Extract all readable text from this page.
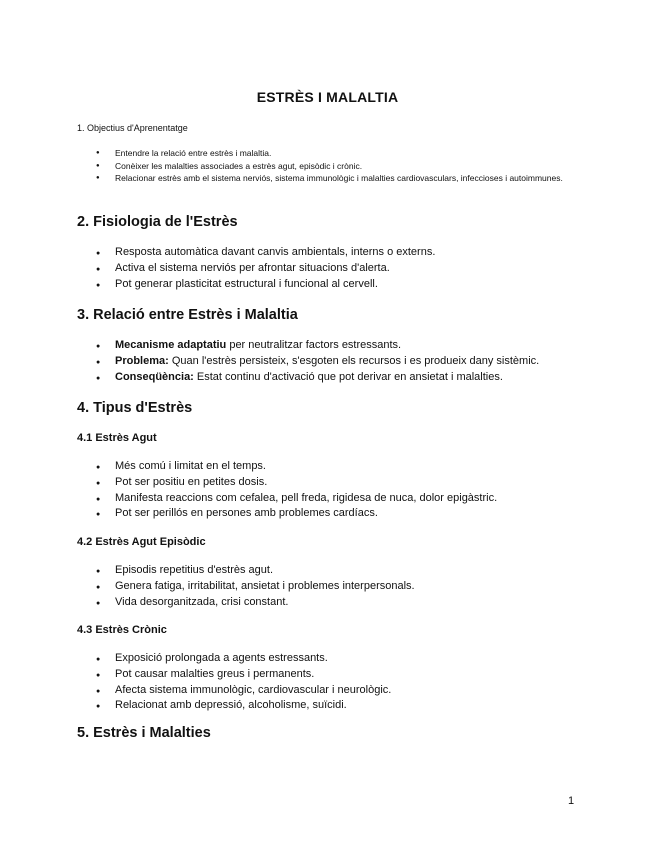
ESTRÈS I MALALTIA
1. Objectius d'Aprenentatge
● Entendre la relació entre estrès i malaltia.
● Conèixer les malalties associades a estrès agut, episòdic i crònic.
● Relacionar estrès amb el sistema nerviós, sistema immunològic i malalties cardiovasculars, infeccioses i autoimmunes.
2. Fisiologia de l'Estrès
● Resposta automàtica davant canvis ambientals, interns o externs.
● Activa el sistema nerviós per afrontar situacions d'alerta.
● Pot generar plasticitat estructural i funcional al cervell.
3. Relació entre Estrès i Malaltia
● Mecanisme adaptatiu per neutralitzar factors estressants.
● Problema: Quan l'estrès persisteix, s'esgoten els recursos i es produeix dany sistèmic.
● Conseqüència: Estat continu d'activació que pot derivar en ansietat i malalties.
4. Tipus d'Estrès
4.1 Estrès Agut
● Més comú i limitat en el temps.
● Pot ser positiu en petites dosis.
● Manifesta reaccions com cefalea, pell freda, rigidesa de nuca, dolor epigàstric.
● Pot ser perillós en persones amb problemes cardíacs.
4.2 Estrès Agut Episòdic
● Episodis repetitius d'estrès agut.
● Genera fatiga, irritabilitat, ansietat i problemes interpersonals.
● Vida desorganitzada, crisi constant.
4.3 Estrès Crònic
● Exposició prolongada a agents estressants.
● Pot causar malalties greus i permanents.
● Afecta sistema immunològic, cardiovascular i neurològic.
● Relacionat amb depressió, alcoholisme, suïcidi.
5. Estrès i Malalties
1
